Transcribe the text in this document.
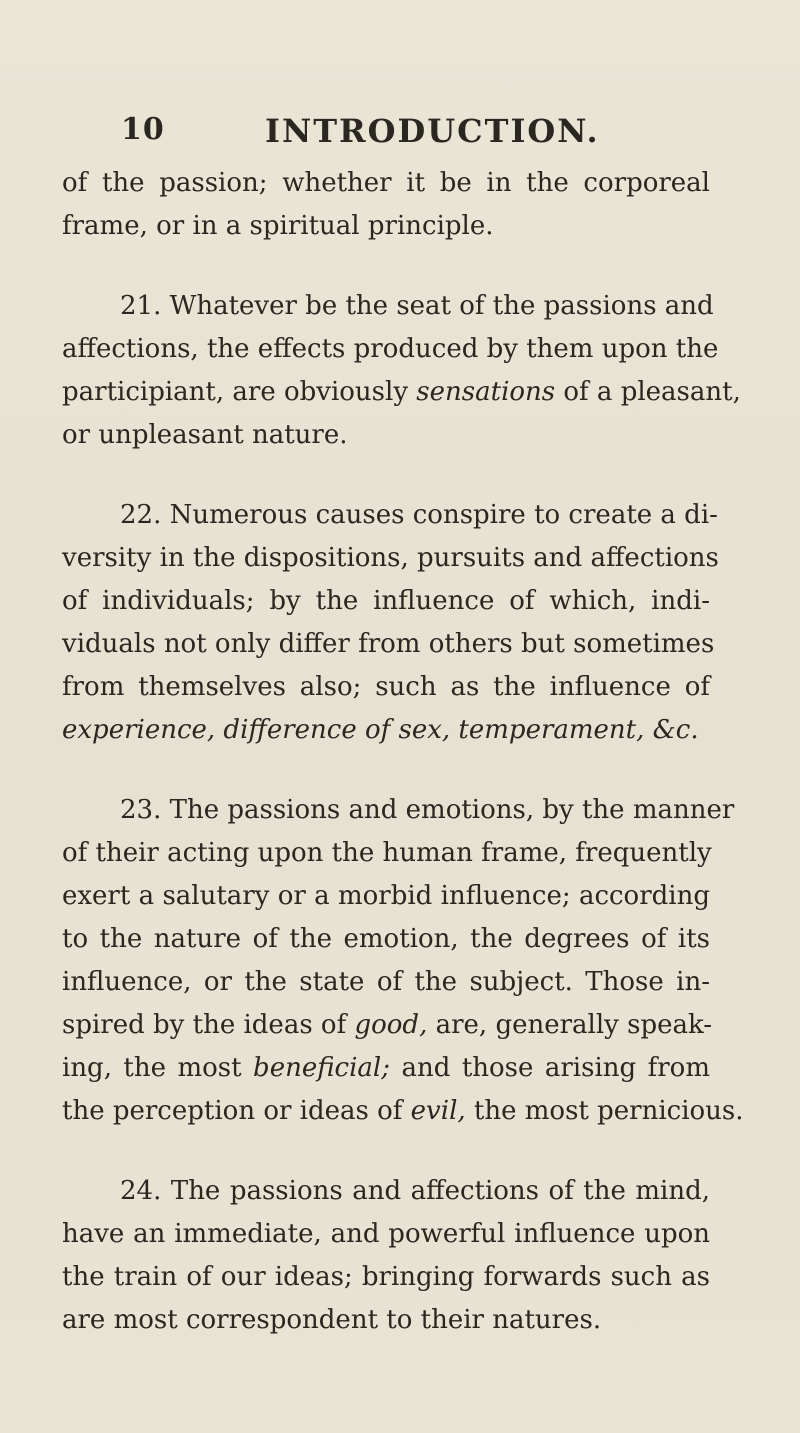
10	INTRODUCTION.
of the passion; whether it be in the corporeal
frame, or in a spiritual principle.
21. Whatever be the seat of the passions and
affections, the effects produced by them upon the
participiant, are obviously sensations of a pleasant,
or unpleasant nature.
22. Numerous causes conspire to create a di-
versity in the dispositions, pursuits and affections
of individuals; by the influence of which, indi-
viduals not only differ from others but sometimes
from themselves also; such as the influence of
experience, difference of sex, temperament, &c.
23. The passions and emotions, by the manner
of their acting upon the human frame, frequently
exert a salutary or a morbid influence; according
to the nature of the emotion, the degrees of its
influence, or the state of the subject. Those in-
spired by the ideas of good, are, generally speak-
ing, the most beneficial; and those arising from
the perception or ideas of evil, the most pernicious.
24. The passions and affections of the mind,
have an immediate, and powerful influence upon
the train of our ideas; bringing forwards such as
are most correspondent to their natures.
